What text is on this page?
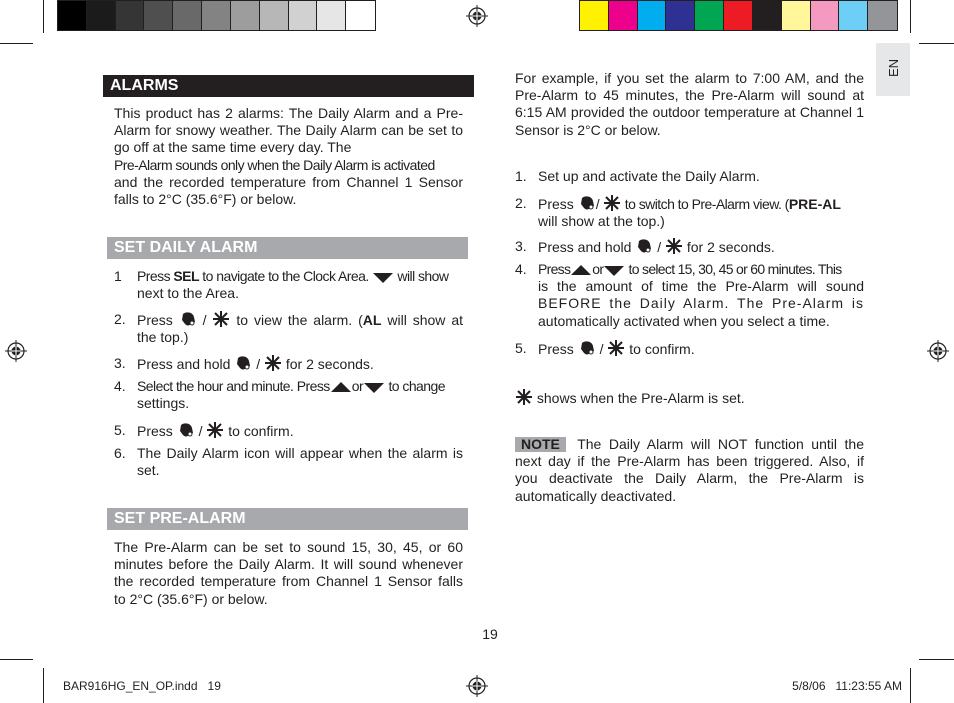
EN
ALARMS
This product has 2 alarms: The Daily Alarm and a Pre-Alarm for snowy weather. The Daily Alarm can be set to go off at the same time every day. The
Pre-Alarm sounds only when the Daily Alarm is activated
and the recorded temperature from Channel 1 Sensor falls to 2°C (35.6°F) or below.
SET DAILY ALARM
1	Press SEL to navigate to the Clock Area.  will show
next to the Area.
2. Press /  to view the alarm. (AL will show at the top.)
3. Press and hold /  for 2 seconds.
4. Select the hour and minute. Press or to change
settings.
5. Press /  to confirm.
6. The Daily Alarm icon will appear when the alarm is set.
SET PRE-ALARM
The Pre-Alarm can be set to sound 15, 30, 45, or 60 minutes before the Daily Alarm. It will sound whenever the recorded temperature from Channel 1 Sensor falls to 2°C (35.6°F) or below.
For example, if you set the alarm to 7:00 AM, and the Pre-Alarm to 45 minutes, the Pre-Alarm will sound at 6:15 AM provided the outdoor temperature at Channel 1 Sensor is 2°C or below.
1. Set up and activate the Daily Alarm.
2. Press /  to switch to Pre-Alarm view. (PRE-AL
will show at the top.)
3. Press and hold /  for 2 seconds.
4. Press or to select 15, 30, 45 or 60 minutes. This

is the amount of time the Pre-Alarm will sound
BEFORE the Daily Alarm. The Pre-Alarm is
automatically activated when you select a time.
5. Press /  to confirm.
shows when the Pre-Alarm is set.
NOTE The Daily Alarm will NOT function until the next day if the Pre-Alarm has been triggered. Also, if you deactivate the Daily Alarm, the Pre-Alarm is automatically deactivated.
19
BAR916HG_EN_OP.indd   19	5/8/06   11:23:55 AM
